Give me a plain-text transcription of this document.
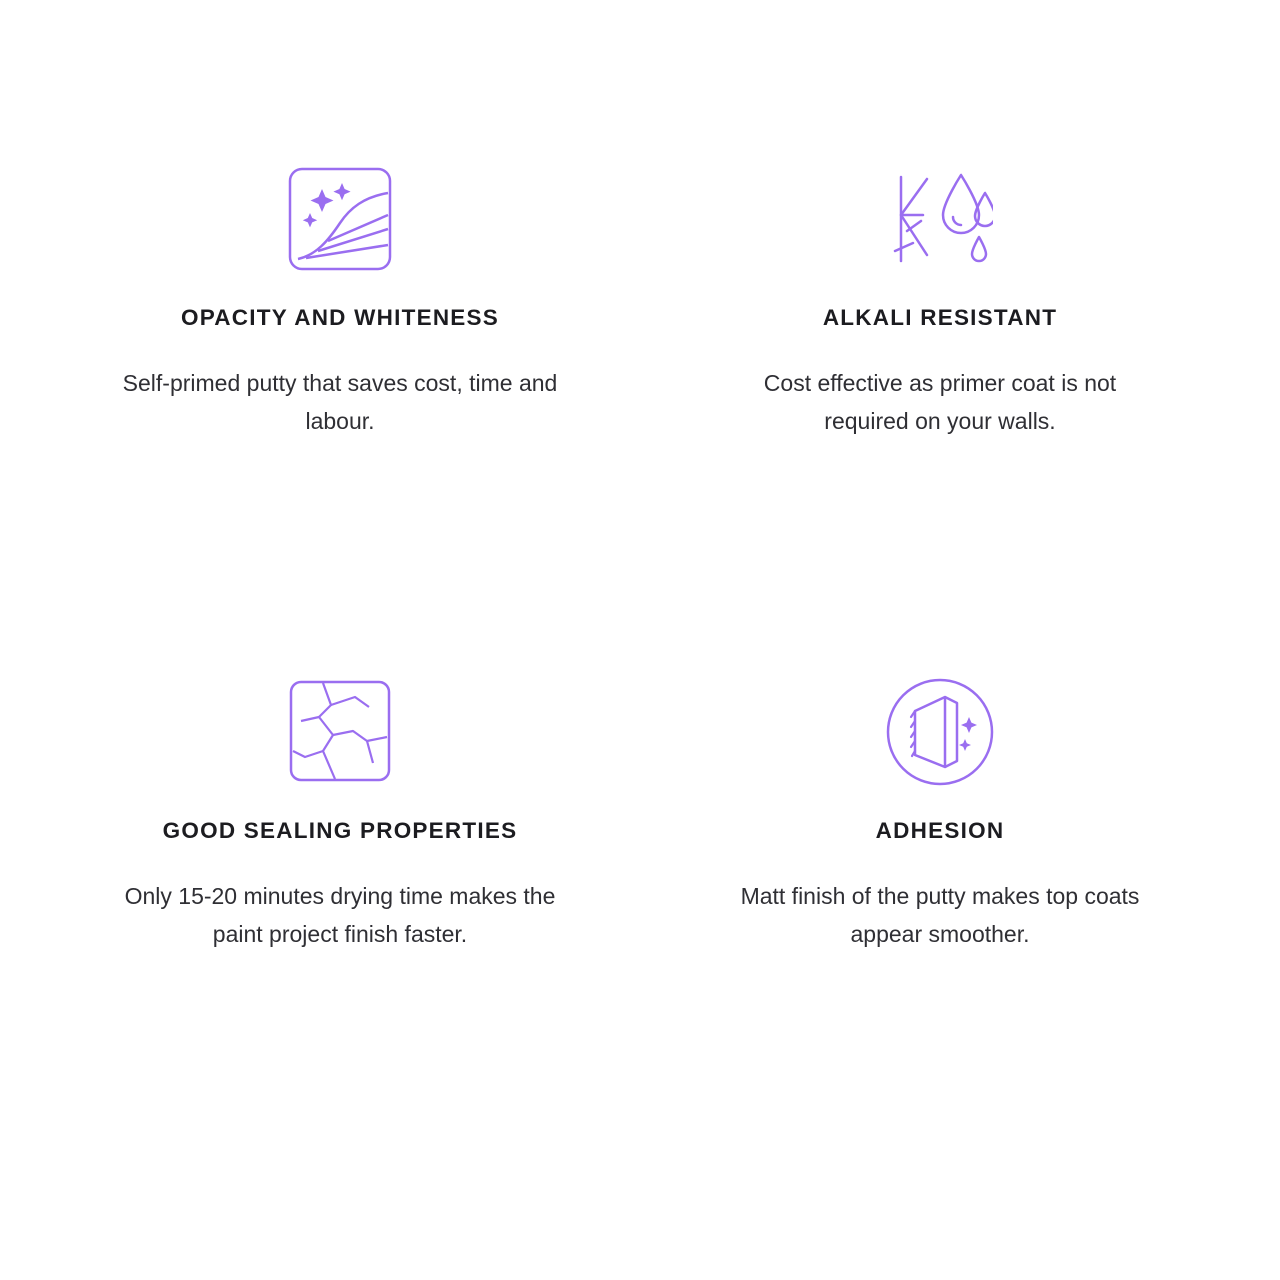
OPACITY AND WHITENESS

Self-primed putty that saves cost, time and labour.

ALKALI RESISTANT

Cost effective as primer coat is not required on your walls.

GOOD SEALING PROPERTIES

Only 15-20 minutes drying time makes the paint project finish faster.

ADHESION

Matt finish of the putty makes top coats appear smoother.
